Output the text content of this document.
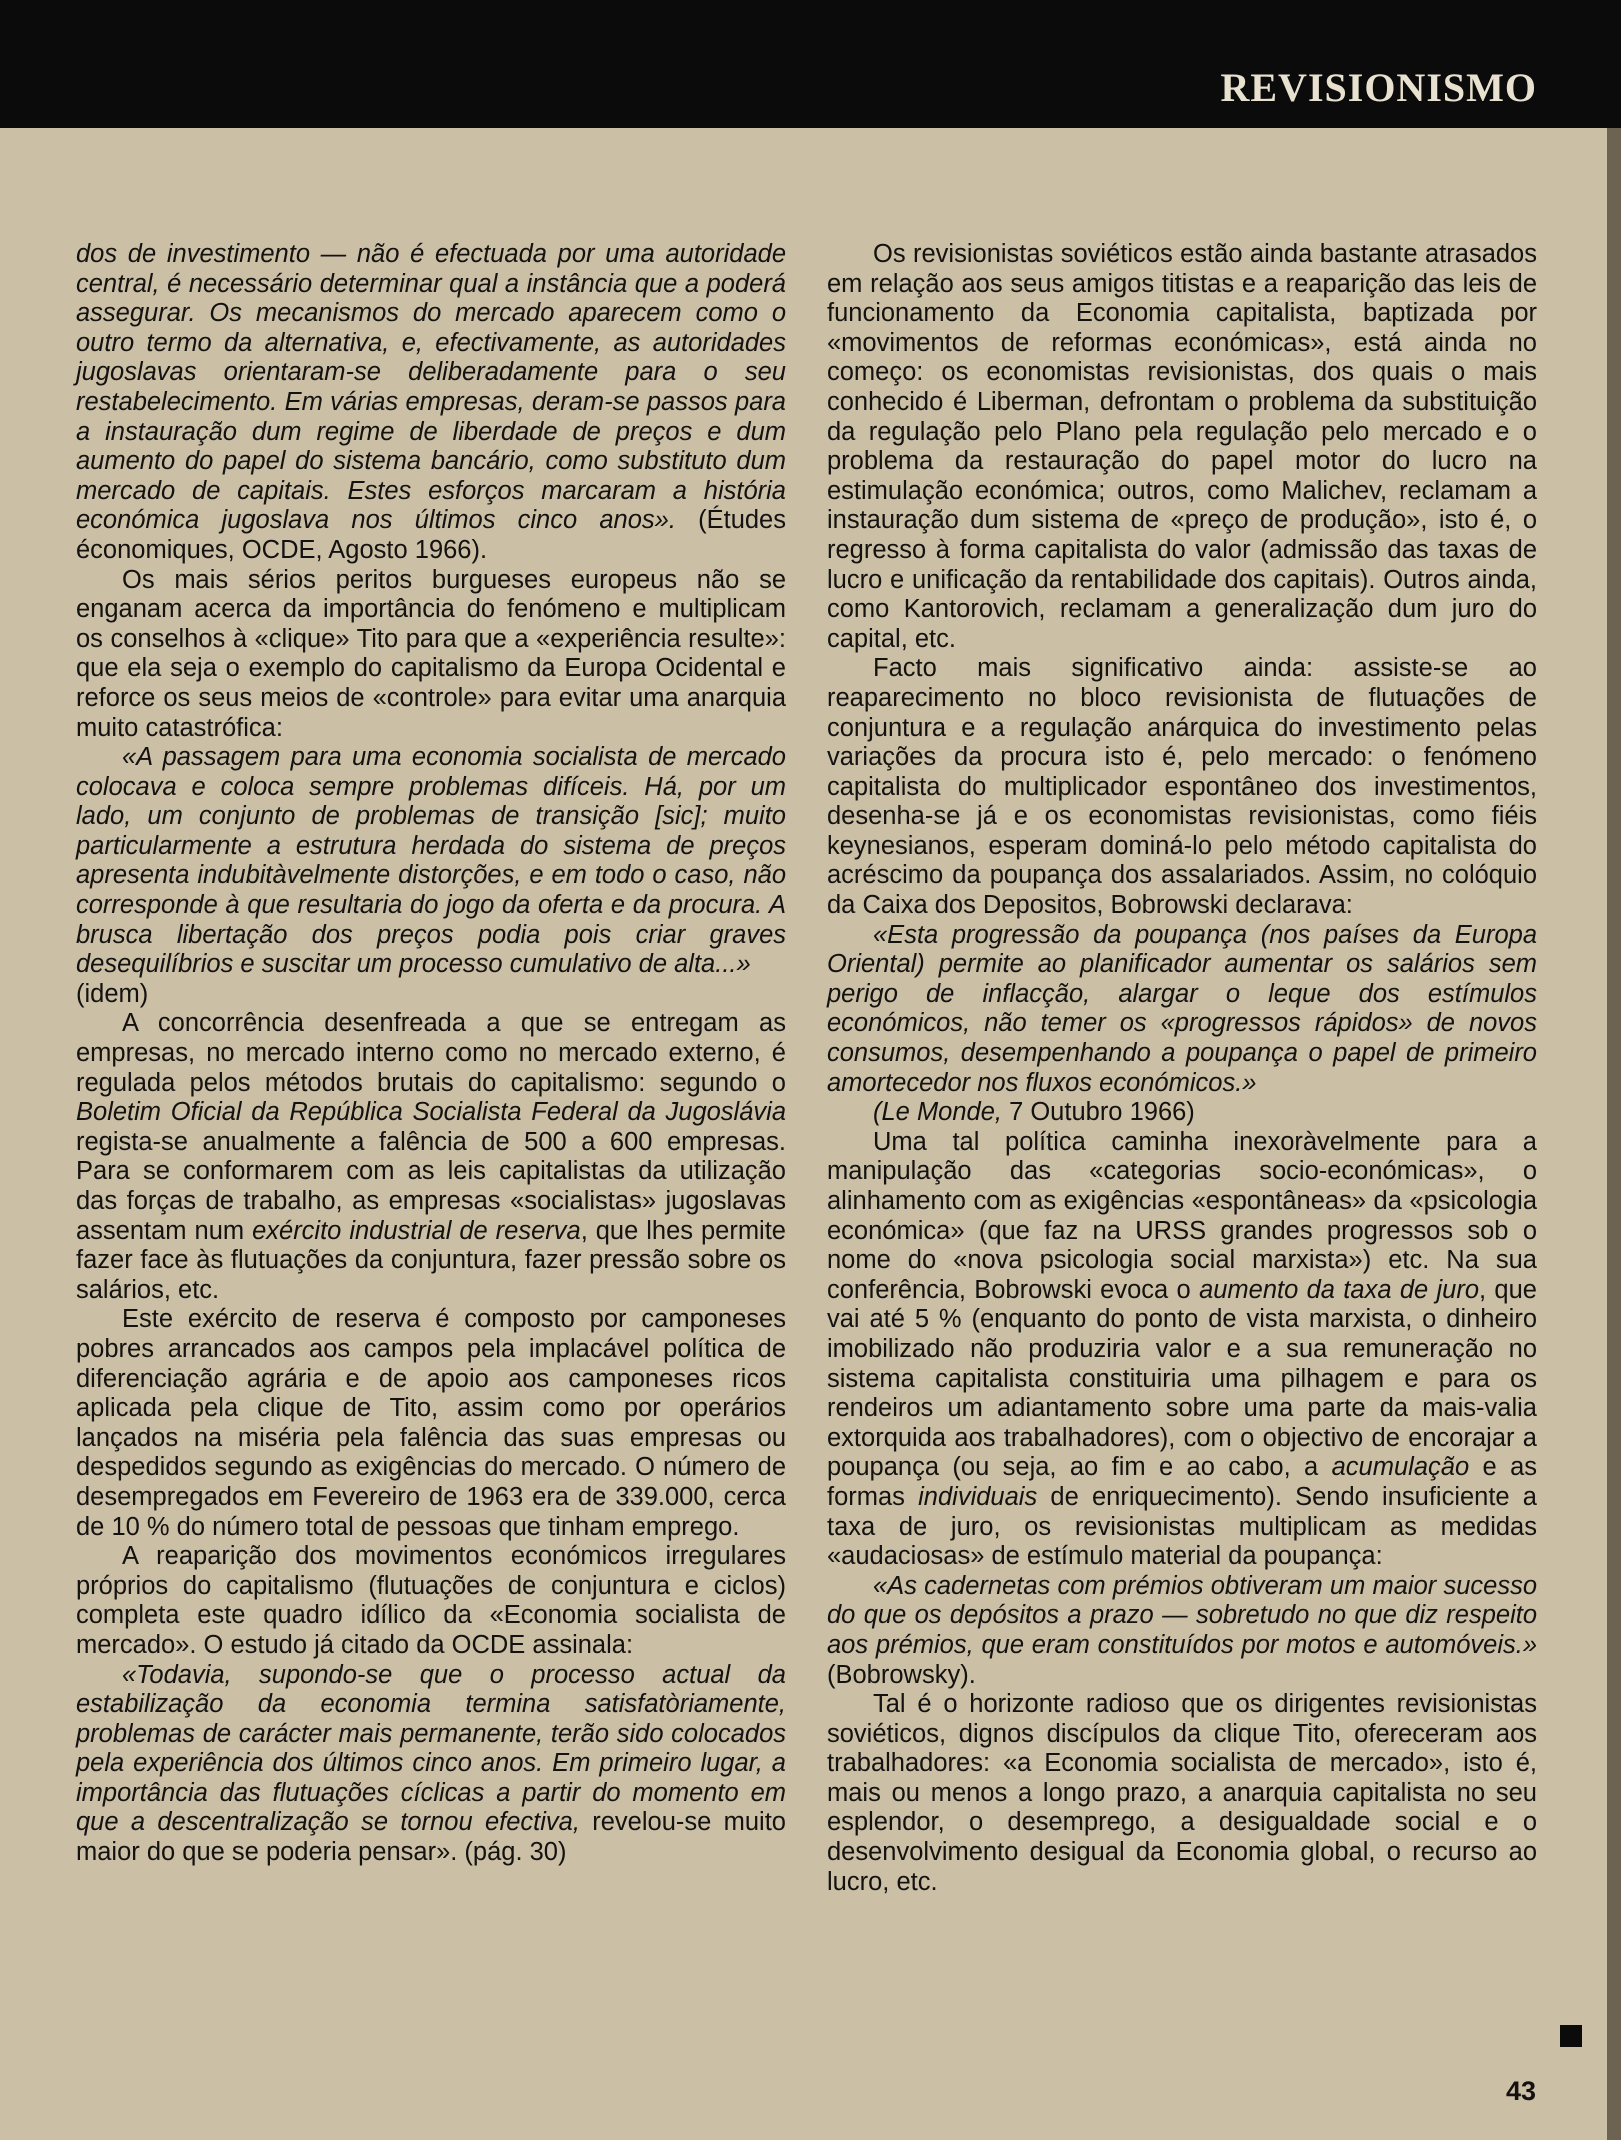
REVISIONISMO

dos de investimento — não é efectuada por uma autoridade central, é necessário determinar qual a instância que a poderá assegurar. Os mecanismos do mercado aparecem como o outro termo da alternativa, e, efectivamente, as autoridades jugoslavas orientaram-se deliberadamente para o seu restabelecimento. Em várias empresas, deram-se passos para a instauração dum regime de liberdade de preços e dum aumento do papel do sistema bancário, como substituto dum mercado de capitais. Estes esforços marcaram a história económica jugoslava nos últimos cinco anos». (Études économiques, OCDE, Agosto 1966).

Os mais sérios peritos burgueses europeus não se enganam acerca da importância do fenómeno e multiplicam os conselhos à «clique» Tito para que a «experiência resulte»: que ela seja o exemplo do capitalismo da Europa Ocidental e reforce os seus meios de «controle» para evitar uma anarquia muito catastrófica:

«A passagem para uma economia socialista de mercado colocava e coloca sempre problemas difíceis. Há, por um lado, um conjunto de problemas de transição [sic]; muito particularmente a estrutura herdada do sistema de preços apresenta indubitàvelmente distorções, e em todo o caso, não corresponde à que resultaria do jogo da oferta e da procura. A brusca libertação dos preços podia pois criar graves desequilíbrios e suscitar um processo cumulativo de alta...»

(idem)

A concorrência desenfreada a que se entregam as empresas, no mercado interno como no mercado externo, é regulada pelos métodos brutais do capitalismo: segundo o Boletim Oficial da República Socialista Federal da Jugoslávia regista-se anualmente a falência de 500 a 600 empresas. Para se conformarem com as leis capitalistas da utilização das forças de trabalho, as empresas «socialistas» jugoslavas assentam num exército industrial de reserva, que lhes permite fazer face às flutuações da conjuntura, fazer pressão sobre os salários, etc.

Este exército de reserva é composto por camponeses pobres arrancados aos campos pela implacável política de diferenciação agrária e de apoio aos camponeses ricos aplicada pela clique de Tito, assim como por operários lançados na miséria pela falência das suas empresas ou despedidos segundo as exigências do mercado. O número de desempregados em Fevereiro de 1963 era de 339.000, cerca de 10 % do número total de pessoas que tinham emprego.

A reaparição dos movimentos económicos irregulares próprios do capitalismo (flutuações de conjuntura e ciclos) completa este quadro idílico da «Economia socialista de mercado». O estudo já citado da OCDE assinala:

«Todavia, supondo-se que o processo actual da estabilização da economia termina satisfatòriamente, problemas de carácter mais permanente, terão sido colocados pela experiência dos últimos cinco anos. Em primeiro lugar, a importância das flutuações cíclicas a partir do momento em que a descentralização se tornou efectiva, revelou-se muito maior do que se poderia pensar». (pág. 30)

Os revisionistas soviéticos estão ainda bastante atrasados em relação aos seus amigos titistas e a reaparição das leis de funcionamento da Economia capitalista, baptizada por «movimentos de reformas económicas», está ainda no começo: os economistas revisionistas, dos quais o mais conhecido é Liberman, defrontam o problema da substituição da regulação pelo Plano pela regulação pelo mercado e o problema da restauração do papel motor do lucro na estimulação económica; outros, como Malichev, reclamam a instauração dum sistema de «preço de produção», isto é, o regresso à forma capitalista do valor (admissão das taxas de lucro e unificação da rentabilidade dos capitais). Outros ainda, como Kantorovich, reclamam a generalização dum juro do capital, etc.

Facto mais significativo ainda: assiste-se ao reaparecimento no bloco revisionista de flutuações de conjuntura e a regulação anárquica do investimento pelas variações da procura isto é, pelo mercado: o fenómeno capitalista do multiplicador espontâneo dos investimentos, desenha-se já e os economistas revisionistas, como fiéis keynesianos, esperam dominá-lo pelo método capitalista do acréscimo da poupança dos assalariados. Assim, no colóquio da Caixa dos Depositos, Bobrowski declarava:

«Esta progressão da poupança (nos países da Europa Oriental) permite ao planificador aumentar os salários sem perigo de inflacção, alargar o leque dos estímulos económicos, não temer os «progressos rápidos» de novos consumos, desempenhando a poupança o papel de primeiro amortecedor nos fluxos económicos.»

(Le Monde, 7 Outubro 1966)

Uma tal política caminha inexoràvelmente para a manipulação das «categorias socio-económicas», o alinhamento com as exigências «espontâneas» da «psicologia económica» (que faz na URSS grandes progressos sob o nome do «nova psicologia social marxista») etc. Na sua conferência, Bobrowski evoca o aumento da taxa de juro, que vai até 5 % (enquanto do ponto de vista marxista, o dinheiro imobilizado não produziria valor e a sua remuneração no sistema capitalista constituiria uma pilhagem e para os rendeiros um adiantamento sobre uma parte da mais-valia extorquida aos trabalhadores), com o objectivo de encorajar a poupança (ou seja, ao fim e ao cabo, a acumulação e as formas individuais de enriquecimento). Sendo insuficiente a taxa de juro, os revisionistas multiplicam as medidas «audaciosas» de estímulo material da poupança:

«As cadernetas com prémios obtiveram um maior sucesso do que os depósitos a prazo — sobretudo no que diz respeito aos prémios, que eram constituídos por motos e automóveis.» (Bobrowsky).

Tal é o horizonte radioso que os dirigentes revisionistas soviéticos, dignos discípulos da clique Tito, ofereceram aos trabalhadores: «a Economia socialista de mercado», isto é, mais ou menos a longo prazo, a anarquia capitalista no seu esplendor, o desemprego, a desigualdade social e o desenvolvimento desigual da Economia global, o recurso ao lucro, etc.

43
